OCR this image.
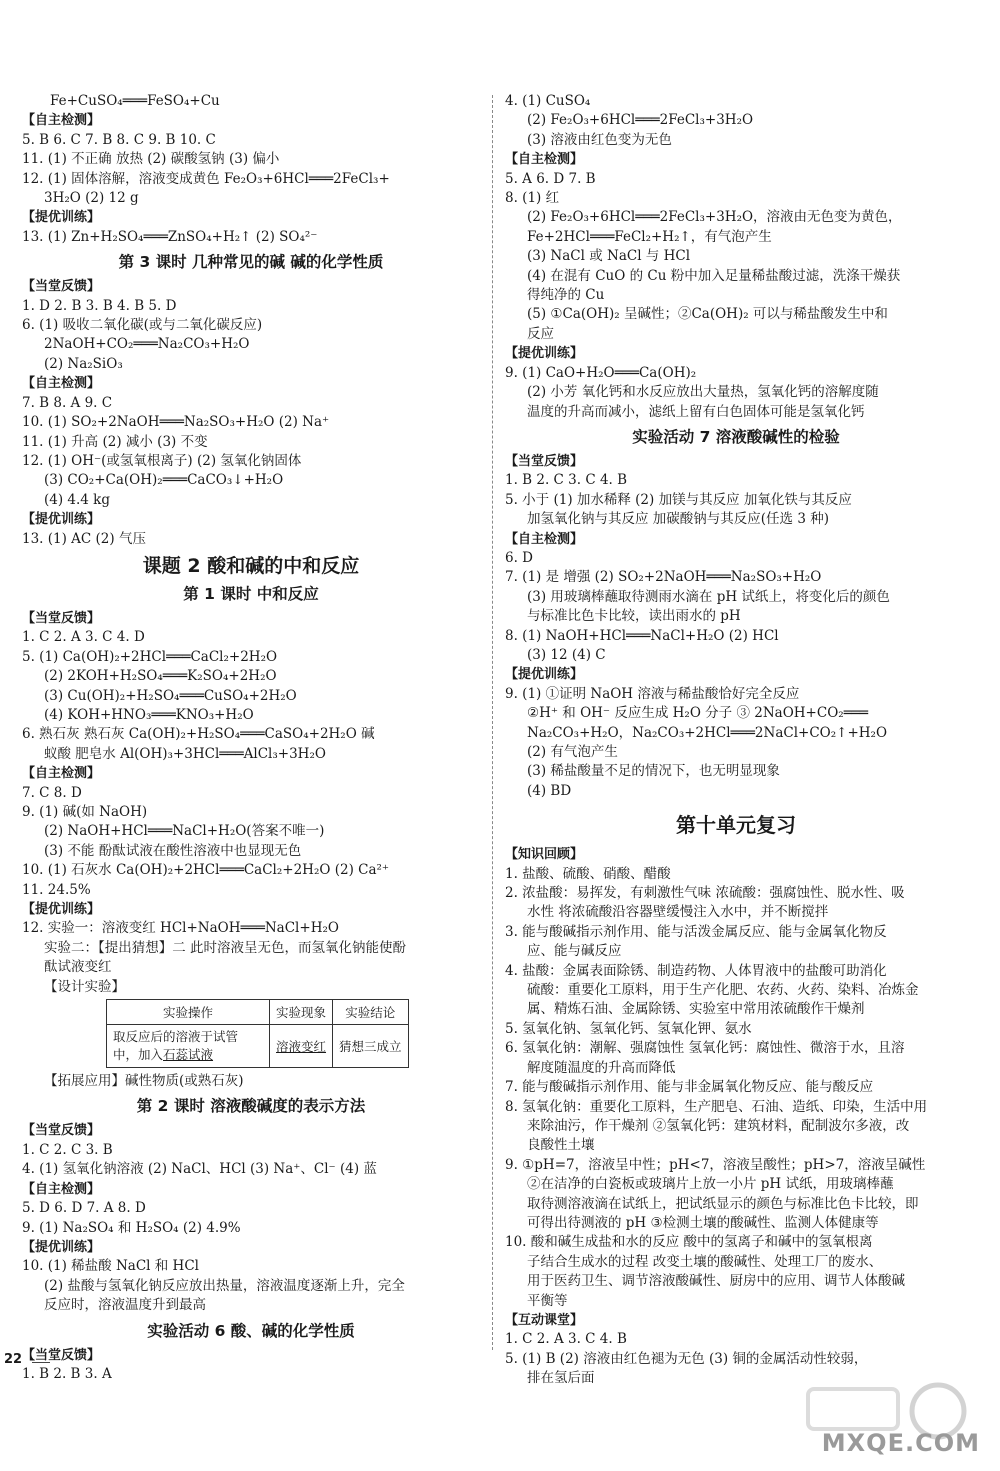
Fe+CuSO₄═══FeSO₄+Cu
【自主检测】
5. B 6. C 7. B 8. C 9. B 10. C
11. (1) 不正确 放热 (2) 碳酸氢钠 (3) 偏小
12. (1) 固体溶解，溶液变成黄色 Fe₂O₃+6HCl═══2FeCl₃+
3H₂O (2) 12 g
【提优训练】
13. (1) Zn+H₂SO₄═══ZnSO₄+H₂↑ (2) SO₄²⁻
第 3 课时 几种常见的碱 碱的化学性质
【当堂反馈】
1. D 2. B 3. B 4. B 5. D
6. (1) 吸收二氧化碳(或与二氧化碳反应)
2NaOH+CO₂═══Na₂CO₃+H₂O
(2) Na₂SiO₃
【自主检测】
7. B 8. A 9. C
10. (1) SO₂+2NaOH═══Na₂SO₃+H₂O (2) Na⁺
11. (1) 升高 (2) 减小 (3) 不变
12. (1) OH⁻(或氢氧根离子) (2) 氢氧化钠固体
(3) CO₂+Ca(OH)₂═══CaCO₃↓+H₂O
(4) 4.4 kg
【提优训练】
13. (1) AC (2) 气压
课题 2 酸和碱的中和反应
第 1 课时 中和反应
【当堂反馈】
1. C 2. A 3. C 4. D
5. (1) Ca(OH)₂+2HCl═══CaCl₂+2H₂O
(2) 2KOH+H₂SO₄═══K₂SO₄+2H₂O
(3) Cu(OH)₂+H₂SO₄═══CuSO₄+2H₂O
(4) KOH+HNO₃═══KNO₃+H₂O
6. 熟石灰 熟石灰 Ca(OH)₂+H₂SO₄═══CaSO₄+2H₂O 碱
蚁酸 肥皂水 Al(OH)₃+3HCl═══AlCl₃+3H₂O
【自主检测】
7. C 8. D
9. (1) 碱(如 NaOH)
(2) NaOH+HCl═══NaCl+H₂O(答案不唯一)
(3) 不能 酚酞试液在酸性溶液中也显现无色
10. (1) 石灰水 Ca(OH)₂+2HCl═══CaCl₂+2H₂O (2) Ca²⁺
11. 24.5%
【提优训练】
12. 实验一：溶液变红 HCl+NaOH═══NaCl+H₂O
实验二：【提出猜想】二 此时溶液呈无色，而氢氧化钠能使酚
酞试液变红
【设计实验】
实验操作	实验现象	实验结论
取反应后的溶液于试管
中，加入石蕊试液	溶液变红	猜想三成立
【拓展应用】碱性物质(或熟石灰)
第 2 课时 溶液酸碱度的表示方法
【当堂反馈】
1. C 2. C 3. B
4. (1) 氢氧化钠溶液 (2) NaCl、HCl (3) Na⁺、Cl⁻ (4) 蓝
【自主检测】
5. D 6. D 7. A 8. D
9. (1) Na₂SO₄ 和 H₂SO₄ (2) 4.9%
【提优训练】
10. (1) 稀盐酸 NaCl 和 HCl
(2) 盐酸与氢氧化钠反应放出热量，溶液温度逐渐上升，完全
反应时，溶液温度升到最高
实验活动 6 酸、碱的化学性质
【当堂反馈】
1. B 2. B 3. A
4. (1) CuSO₄
(2) Fe₂O₃+6HCl═══2FeCl₃+3H₂O
(3) 溶液由红色变为无色
【自主检测】
5. A 6. D 7. B
8. (1) 红
(2) Fe₂O₃+6HCl═══2FeCl₃+3H₂O，溶液由无色变为黄色，
Fe+2HCl═══FeCl₂+H₂↑，有气泡产生
(3) NaCl 或 NaCl 与 HCl
(4) 在混有 CuO 的 Cu 粉中加入足量稀盐酸过滤，洗涤干燥获
得纯净的 Cu
(5) ①Ca(OH)₂ 呈碱性；②Ca(OH)₂ 可以与稀盐酸发生中和
反应
【提优训练】
9. (1) CaO+H₂O═══Ca(OH)₂
(2) 小芳 氧化钙和水反应放出大量热，氢氧化钙的溶解度随
温度的升高而减小，滤纸上留有白色固体可能是氢氧化钙
实验活动 7 溶液酸碱性的检验
【当堂反馈】
1. B 2. C 3. C 4. B
5. 小于 (1) 加水稀释 (2) 加镁与其反应 加氧化铁与其反应
加氢氧化钠与其反应 加碳酸钠与其反应(任选 3 种)
【自主检测】
6. D
7. (1) 是 增强 (2) SO₂+2NaOH═══Na₂SO₃+H₂O
(3) 用玻璃棒蘸取待测雨水滴在 pH 试纸上，将变化后的颜色
与标准比色卡比较，读出雨水的 pH
8. (1) NaOH+HCl═══NaCl+H₂O (2) HCl
(3) 12 (4) C
【提优训练】
9. (1) ①证明 NaOH 溶液与稀盐酸恰好完全反应
②H⁺ 和 OH⁻ 反应生成 H₂O 分子 ③ 2NaOH+CO₂═══
Na₂CO₃+H₂O，Na₂CO₃+2HCl═══2NaCl+CO₂↑+H₂O
(2) 有气泡产生
(3) 稀盐酸量不足的情况下，也无明显现象
(4) BD
第十单元复习
【知识回顾】
1. 盐酸、硫酸、硝酸、醋酸
2. 浓盐酸：易挥发，有刺激性气味 浓硫酸：强腐蚀性、脱水性、吸
水性 将浓硫酸沿容器壁缓慢注入水中，并不断搅拌
3. 能与酸碱指示剂作用、能与活泼金属反应、能与金属氧化物反
应、能与碱反应
4. 盐酸：金属表面除锈、制造药物、人体胃液中的盐酸可助消化
硫酸：重要化工原料，用于生产化肥、农药、火药、染料、冶炼金
属、精炼石油、金属除锈、实验室中常用浓硫酸作干燥剂
5. 氢氧化钠、氢氧化钙、氢氧化钾、氨水
6. 氢氧化钠：潮解、强腐蚀性 氢氧化钙：腐蚀性、微溶于水，且溶
解度随温度的升高而降低
7. 能与酸碱指示剂作用、能与非金属氧化物反应、能与酸反应
8. 氢氧化钠：重要化工原料，生产肥皂、石油、造纸、印染，生活中用
来除油污，作干燥剂 ②氢氧化钙：建筑材料，配制波尔多液，改
良酸性土壤
9. ①pH=7，溶液呈中性；pH<7，溶液呈酸性；pH>7，溶液呈碱性
②在洁净的白瓷板或玻璃片上放一小片 pH 试纸，用玻璃棒蘸
取待测溶液滴在试纸上，把试纸显示的颜色与标准比色卡比较，即
可得出待测液的 pH ③检测土壤的酸碱性、监测人体健康等
10. 酸和碱生成盐和水的反应 酸中的氢离子和碱中的氢氧根离
子结合生成水的过程 改变土壤的酸碱性、处理工厂的废水、
用于医药卫生、调节溶液酸碱性、厨房中的应用、调节人体酸碱
平衡等
【互动课堂】
1. C 2. A 3. C 4. B
5. (1) B (2) 溶液由红色褪为无色 (3) 铜的金属活动性较弱，
排在氢后面
22
MXQE.COM
